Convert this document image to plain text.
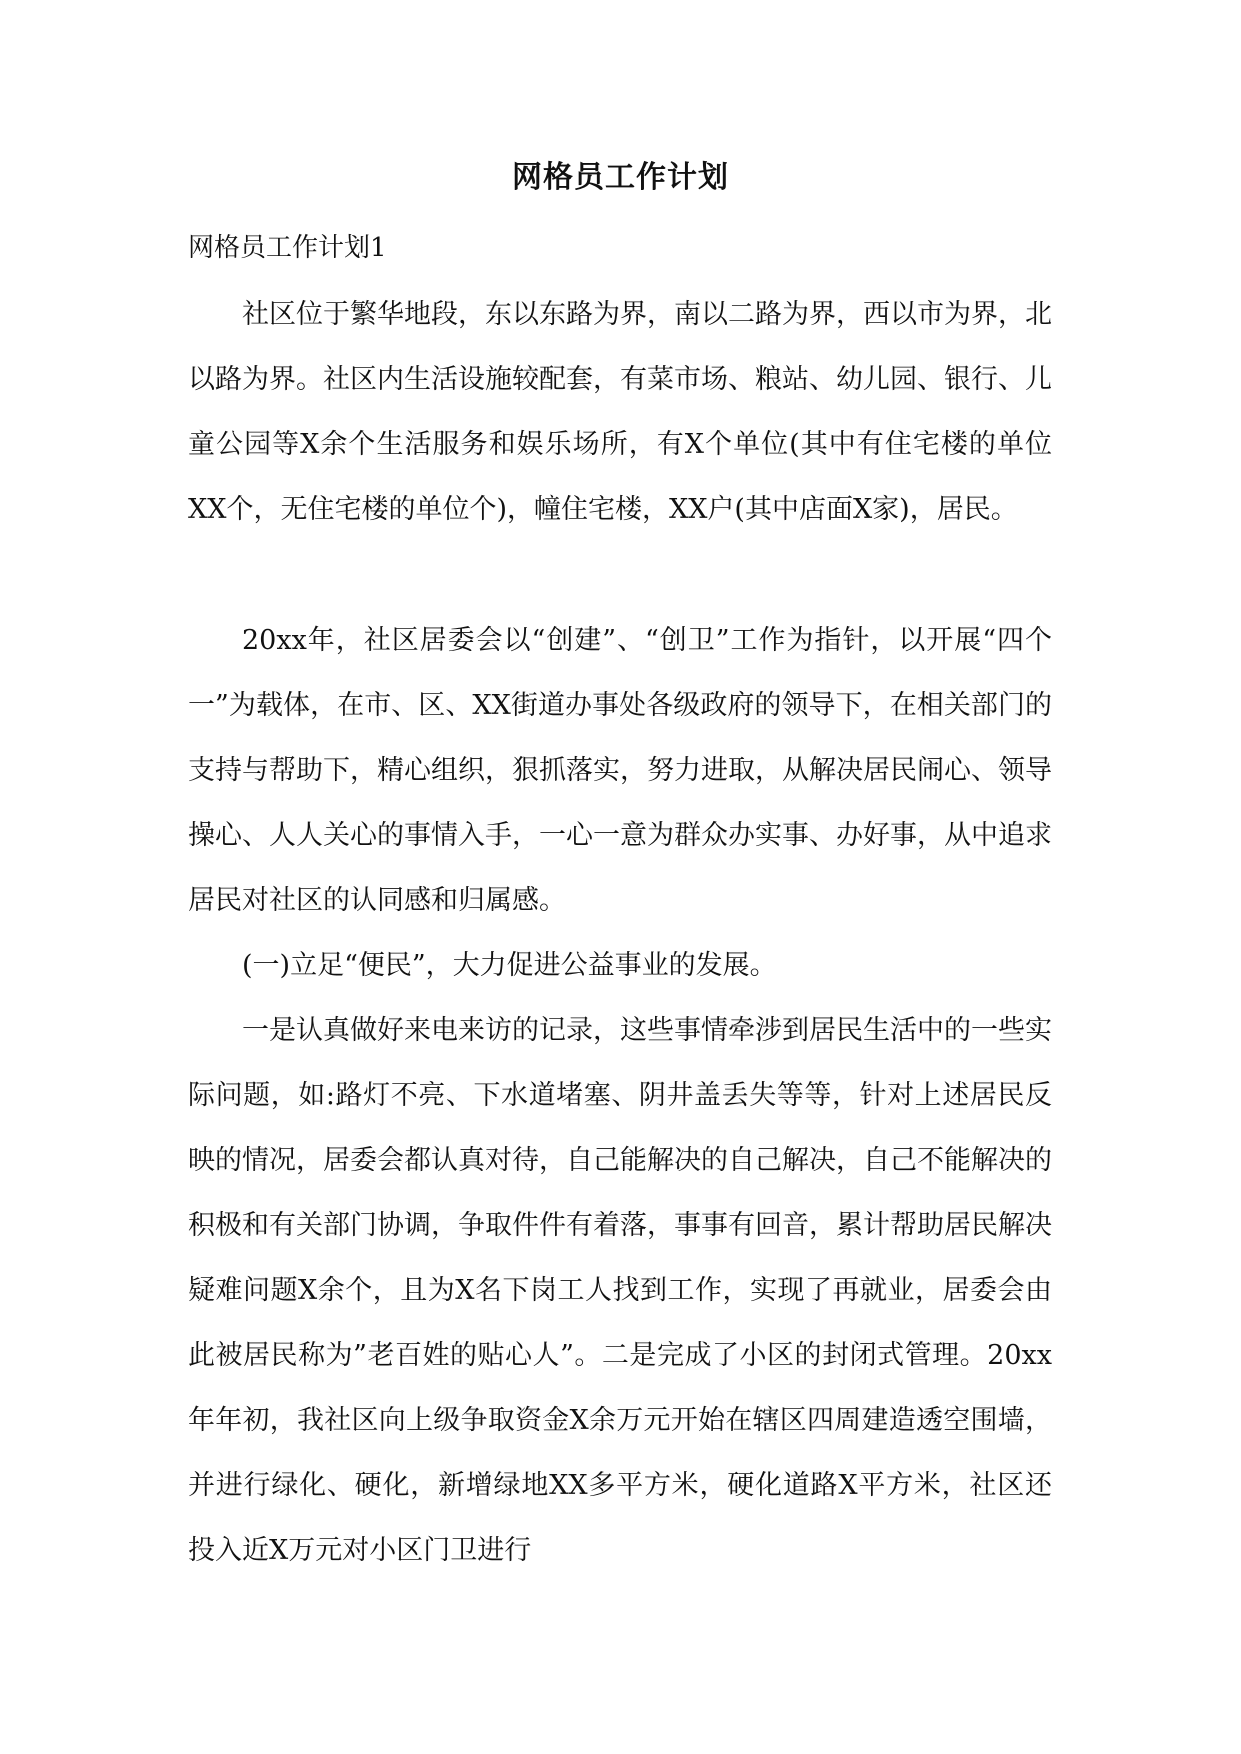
网格员工作计划
网格员工作计划1

社区位于繁华地段，东以东路为界，南以二路为界，西以市为界，北以路为界。社区内生活设施较配套，有菜市场、粮站、幼儿园、银行、儿童公园等X余个生活服务和娱乐场所，有X个单位(其中有住宅楼的单位XX个，无住宅楼的单位个)，幢住宅楼，XX户(其中店面X家)，居民。

20xx年，社区居委会以“创建”、“创卫”工作为指针，以开展“四个一”为载体，在市、区、XX街道办事处各级政府的领导下，在相关部门的支持与帮助下，精心组织，狠抓落实，努力进取，从解决居民闹心、领导操心、人人关心的事情入手，一心一意为群众办实事、办好事，从中追求居民对社区的认同感和归属感。

(一)立足“便民”，大力促进公益事业的发展。

一是认真做好来电来访的记录，这些事情牵涉到居民生活中的一些实际问题，如:路灯不亮、下水道堵塞、阴井盖丢失等等，针对上述居民反映的情况，居委会都认真对待，自己能解决的自己解决，自己不能解决的积极和有关部门协调，争取件件有着落，事事有回音，累计帮助居民解决疑难问题X余个，且为X名下岗工人找到工作，实现了再就业，居委会由此被居民称为”老百姓的贴心人”。二是完成了小区的封闭式管理。20xx年年初，我社区向上级争取资金X余万元开始在辖区四周建造透空围墙，并进行绿化、硬化，新增绿地XX多平方米，硬化道路X平方米，社区还投入近X万元对小区门卫进行
